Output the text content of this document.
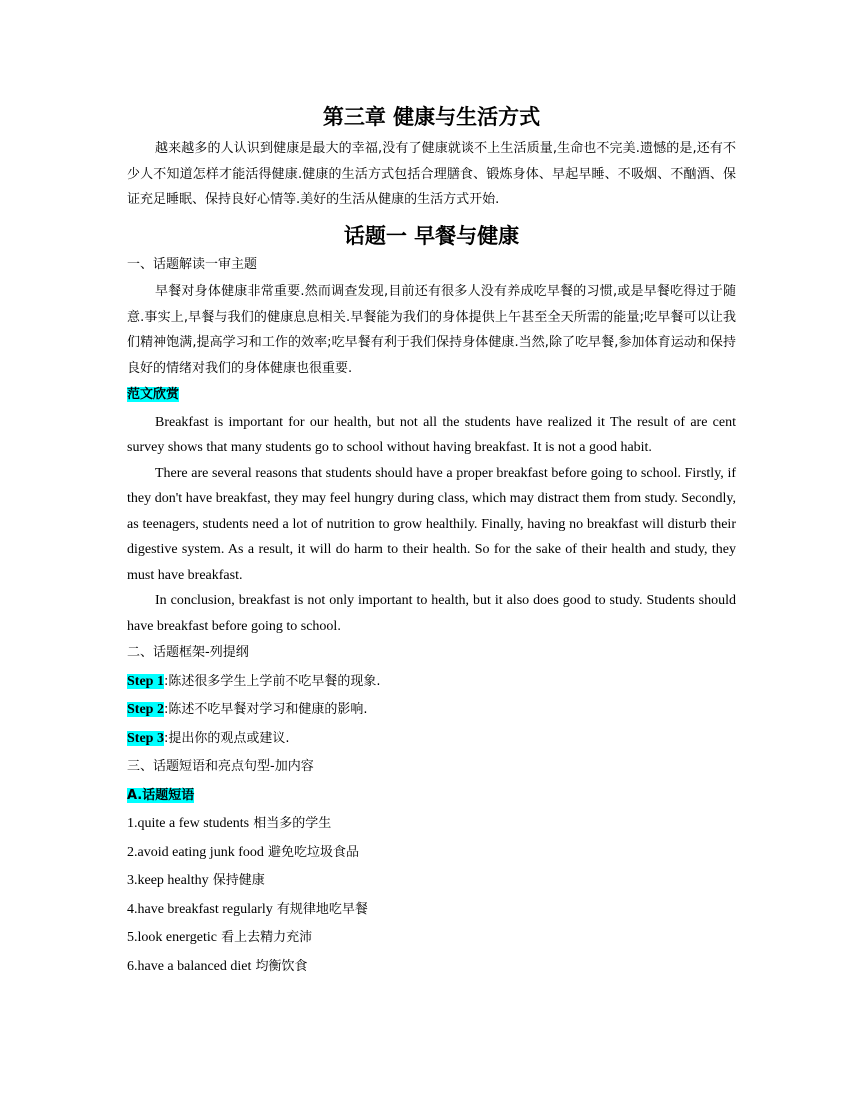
第三章 健康与生活方式

越来越多的人认识到健康是最大的幸福,没有了健康就谈不上生活质量,生命也不完美.遗憾的是,还有不少人不知道怎样才能活得健康.健康的生活方式包括合理膳食、锻炼身体、早起早睡、不吸烟、不酗酒、保证充足睡眠、保持良好心情等.美好的生活从健康的生活方式开始.

话题一 早餐与健康

一、话题解读一审主题

早餐对身体健康非常重要.然而调查发现,目前还有很多人没有养成吃早餐的习惯,或是早餐吃得过于随意.事实上,早餐与我们的健康息息相关.早餐能为我们的身体提供上午甚至全天所需的能量;吃早餐可以让我们精神饱满,提高学习和工作的效率;吃早餐有利于我们保持身体健康.当然,除了吃早餐,参加体育运动和保持良好的情绪对我们的身体健康也很重要.

范文欣赏

Breakfast is important for our health, but not all the students have realized it The result of are cent survey shows that many students go to school without having breakfast. It is not a good habit.

There are several reasons that students should have a proper breakfast before going to school. Firstly, if they don't have breakfast, they may feel hungry during class, which may distract them from study. Secondly, as teenagers, students need a lot of nutrition to grow healthily. Finally, having no breakfast will disturb their digestive system. As a result, it will do harm to their health. So for the sake of their health and study, they must have breakfast.

In conclusion, breakfast is not only important to health, but it also does good to study. Students should have breakfast before going to school.

二、话题框架-列提纲

Step 1:陈述很多学生上学前不吃早餐的现象.

Step 2:陈述不吃早餐对学习和健康的影响.

Step 3:提出你的观点或建议.

三、话题短语和亮点句型-加内容

A.话题短语

1.quite a few students 相当多的学生

2.avoid eating junk food 避免吃垃圾食品

3.keep healthy 保持健康

4.have breakfast regularly 有规律地吃早餐

5.look energetic 看上去精力充沛

6.have a balanced diet 均衡饮食
